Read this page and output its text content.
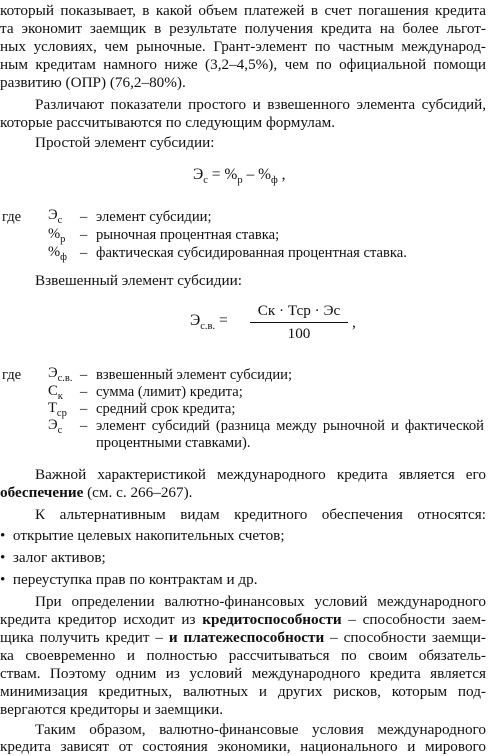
который показывает, в какой объем платежей в счет погашения кредита
та экономит заемщик в результате получения кредита на более льгот-
ных условиях, чем рыночные. Грант-элемент по частным международ-
ным кредитам намного ниже (3,2–4,5%), чем по официальной помощи
развитию (ОПР) (76,2–80%).
Различают показатели простого и взвешенного элемента субсидий,
которые рассчитываются по следующим формулам.
Простой элемент субсидии:
$Э_с = \%_р - \%_ф$ ,
где $Э_с$ – элемент субсидии;
$\%_р$ – рыночная процентная ставка;
$\%_ф$ – фактическая субсидированная процентная ставка.
Взвешенный элемент субсидии:
$Э_{с.в.}$ =
Ск · Тср · Эс
100
,
где $Э_{с.в.}$ – взвешенный элемент субсидии;
$С_к$ – сумма (лимит) кредита;
$Т_{ср}$ – средний срок кредита;
$Э_с$ – элемент субсидий (разница между рыночной и фактической
процентными ставками).
Важной характеристикой международного кредита является его
обеспечение (см. с. 266–267).
К альтернативным видам кредитного обеспечения относятся:
•  открытие целевых накопительных счетов;
•  залог активов;
•  переуступка прав по контрактам и др.
При определении валютно-финансовых условий международного
кредита кредитор исходит из кредитоспособности – способности заем-
щика получить кредит – и платежеспособности – способности заемщи-
ка своевременно и полностью рассчитываться по своим обязатель-
ствам. Поэтому одним из условий международного кредита является
минимизация кредитных, валютных и других рисков, которым под-
вергаются кредиторы и заемщики.
Таким образом, валютно-финансовые условия международного
кредита зависят от состояния экономики, национального и мирового
